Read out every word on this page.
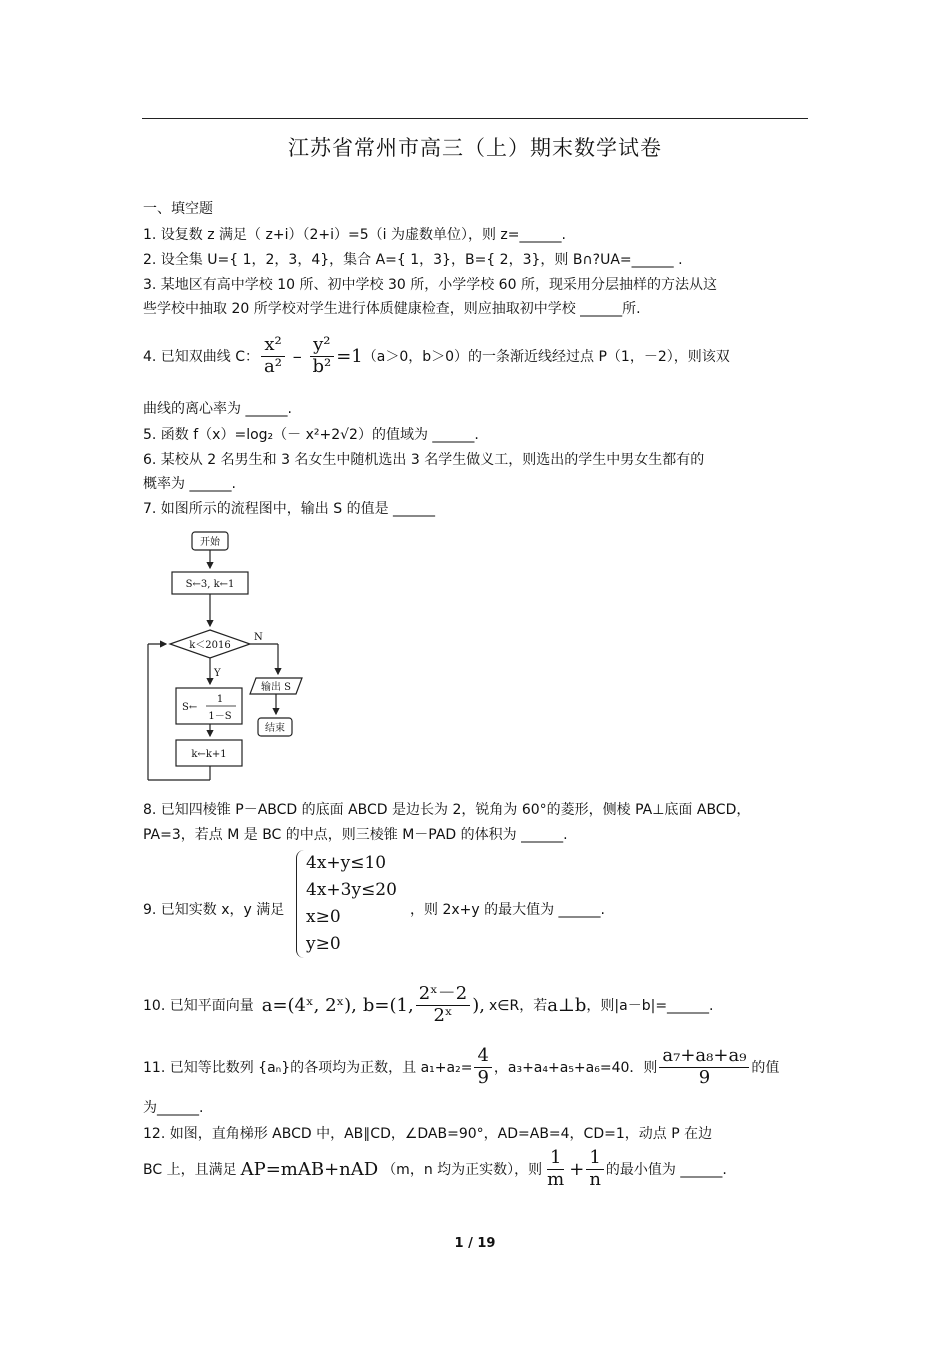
江苏省常州市高三（上）期末数学试卷
一、填空题
1. 设复数 z 满足（ z+i）（2+i）=5（i 为虚数单位），则 z=______.
2. 设全集 U={ 1，2，3，4}，集合 A={ 1，3}，B={ 2，3}，则 B∩?UA=______ .
3. 某地区有高中学校 10 所、初中学校 30 所，小学学校 60 所，现采用分层抽样的方法从这
些学校中抽取 20 所学校对学生进行体质健康检查，则应抽取初中学校 ______所.
4. 已知双曲线 C： $\frac{\text{x²}}{\text{a²}} - \frac{\text{y²}}{\text{b²}} =1$ （a＞0，b＞0）的一条渐近线经过点 P（1，－2），则该双
曲线的离心率为 ______.
5. 函数 f（x）=log₂（－ x²+2√2）的值域为 ______.
6. 某校从 2 名男生和 3 名女生中随机选出 3 名学生做义工，则选出的学生中男女生都有的
概率为 ______.
7. 如图所示的流程图中，输出 S 的值是 ______
开始
S←3, k←1
k＜2016
N
Y
输出 S
结束
S←
1
1－S
k←k+1
8. 已知四棱锥 P－ABCD 的底面 ABCD 是边长为 2，锐角为 60°的菱形，侧棱 PA⊥底面 ABCD，
PA=3，若点 M 是 BC 的中点，则三棱锥 M－PAD 的体积为 ______.
9. 已知实数 x，y 满足
4x+y≤10
4x+3y≤20
x≥0
y≥0
，则 2x+y 的最大值为 ______.
10. 已知平面向量 a=(4ˣ, 2ˣ), b=(1, $\frac{\text{2ˣ－2}}{\text{2ˣ}}$ ), x∈R，若 a⊥b ，则|a－b|=______.
11. 已知等比数列 {aₙ}的各项均为正数，且 $a_1+a_2= \frac{4}{9}$ ，a₃+a₄+a₅+a₆=40．则 $\frac{\text{a₇+a₈+a₉}}{9}$ 的值
为______.
12. 如图，直角梯形 ABCD 中，AB∥CD，∠DAB=90°，AD=AB=4，CD=1，动点 P 在边
BC 上，且满足 AP=mAB+nAD （m，n 均为正实数），则 $\frac{1}{m} + \frac{1}{n}$ 的最小值为 ______.
1 / 19
